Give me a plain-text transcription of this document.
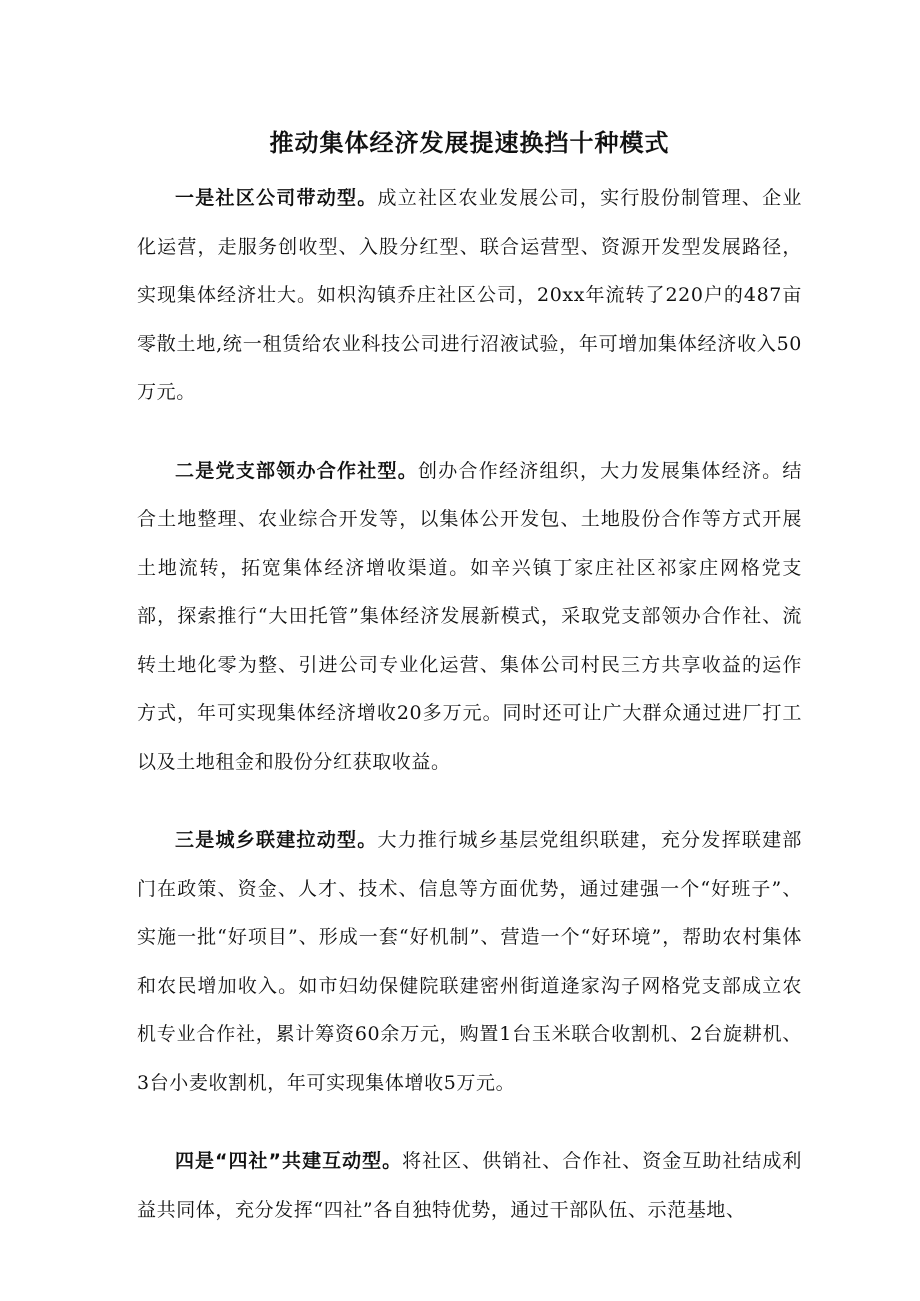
推动集体经济发展提速换挡十种模式

一是社区公司带动型。成立社区农业发展公司，实行股份制管理、企业化运营，走服务创收型、入股分红型、联合运营型、资源开发型发展路径，实现集体经济壮大。如枳沟镇乔庄社区公司，20xx年流转了220户的487亩零散土地,统一租赁给农业科技公司进行沼液试验，年可增加集体经济收入50万元。

二是党支部领办合作社型。创办合作经济组织，大力发展集体经济。结合土地整理、农业综合开发等，以集体公开发包、土地股份合作等方式开展土地流转，拓宽集体经济增收渠道。如辛兴镇丁家庄社区祁家庄网格党支部，探索推行“大田托管”集体经济发展新模式，采取党支部领办合作社、流转土地化零为整、引进公司专业化运营、集体公司村民三方共享收益的运作方式，年可实现集体经济增收20多万元。同时还可让广大群众通过进厂打工以及土地租金和股份分红获取收益。

三是城乡联建拉动型。大力推行城乡基层党组织联建，充分发挥联建部门在政策、资金、人才、技术、信息等方面优势，通过建强一个“好班子”、实施一批“好项目”、形成一套“好机制”、营造一个“好环境”，帮助农村集体和农民增加收入。如市妇幼保健院联建密州街道逄家沟子网格党支部成立农机专业合作社，累计筹资60余万元，购置1台玉米联合收割机、2台旋耕机、3台小麦收割机，年可实现集体增收5万元。

四是“四社”共建互动型。将社区、供销社、合作社、资金互助社结成利益共同体，充分发挥“四社”各自独特优势，通过干部队伍、示范基地、
